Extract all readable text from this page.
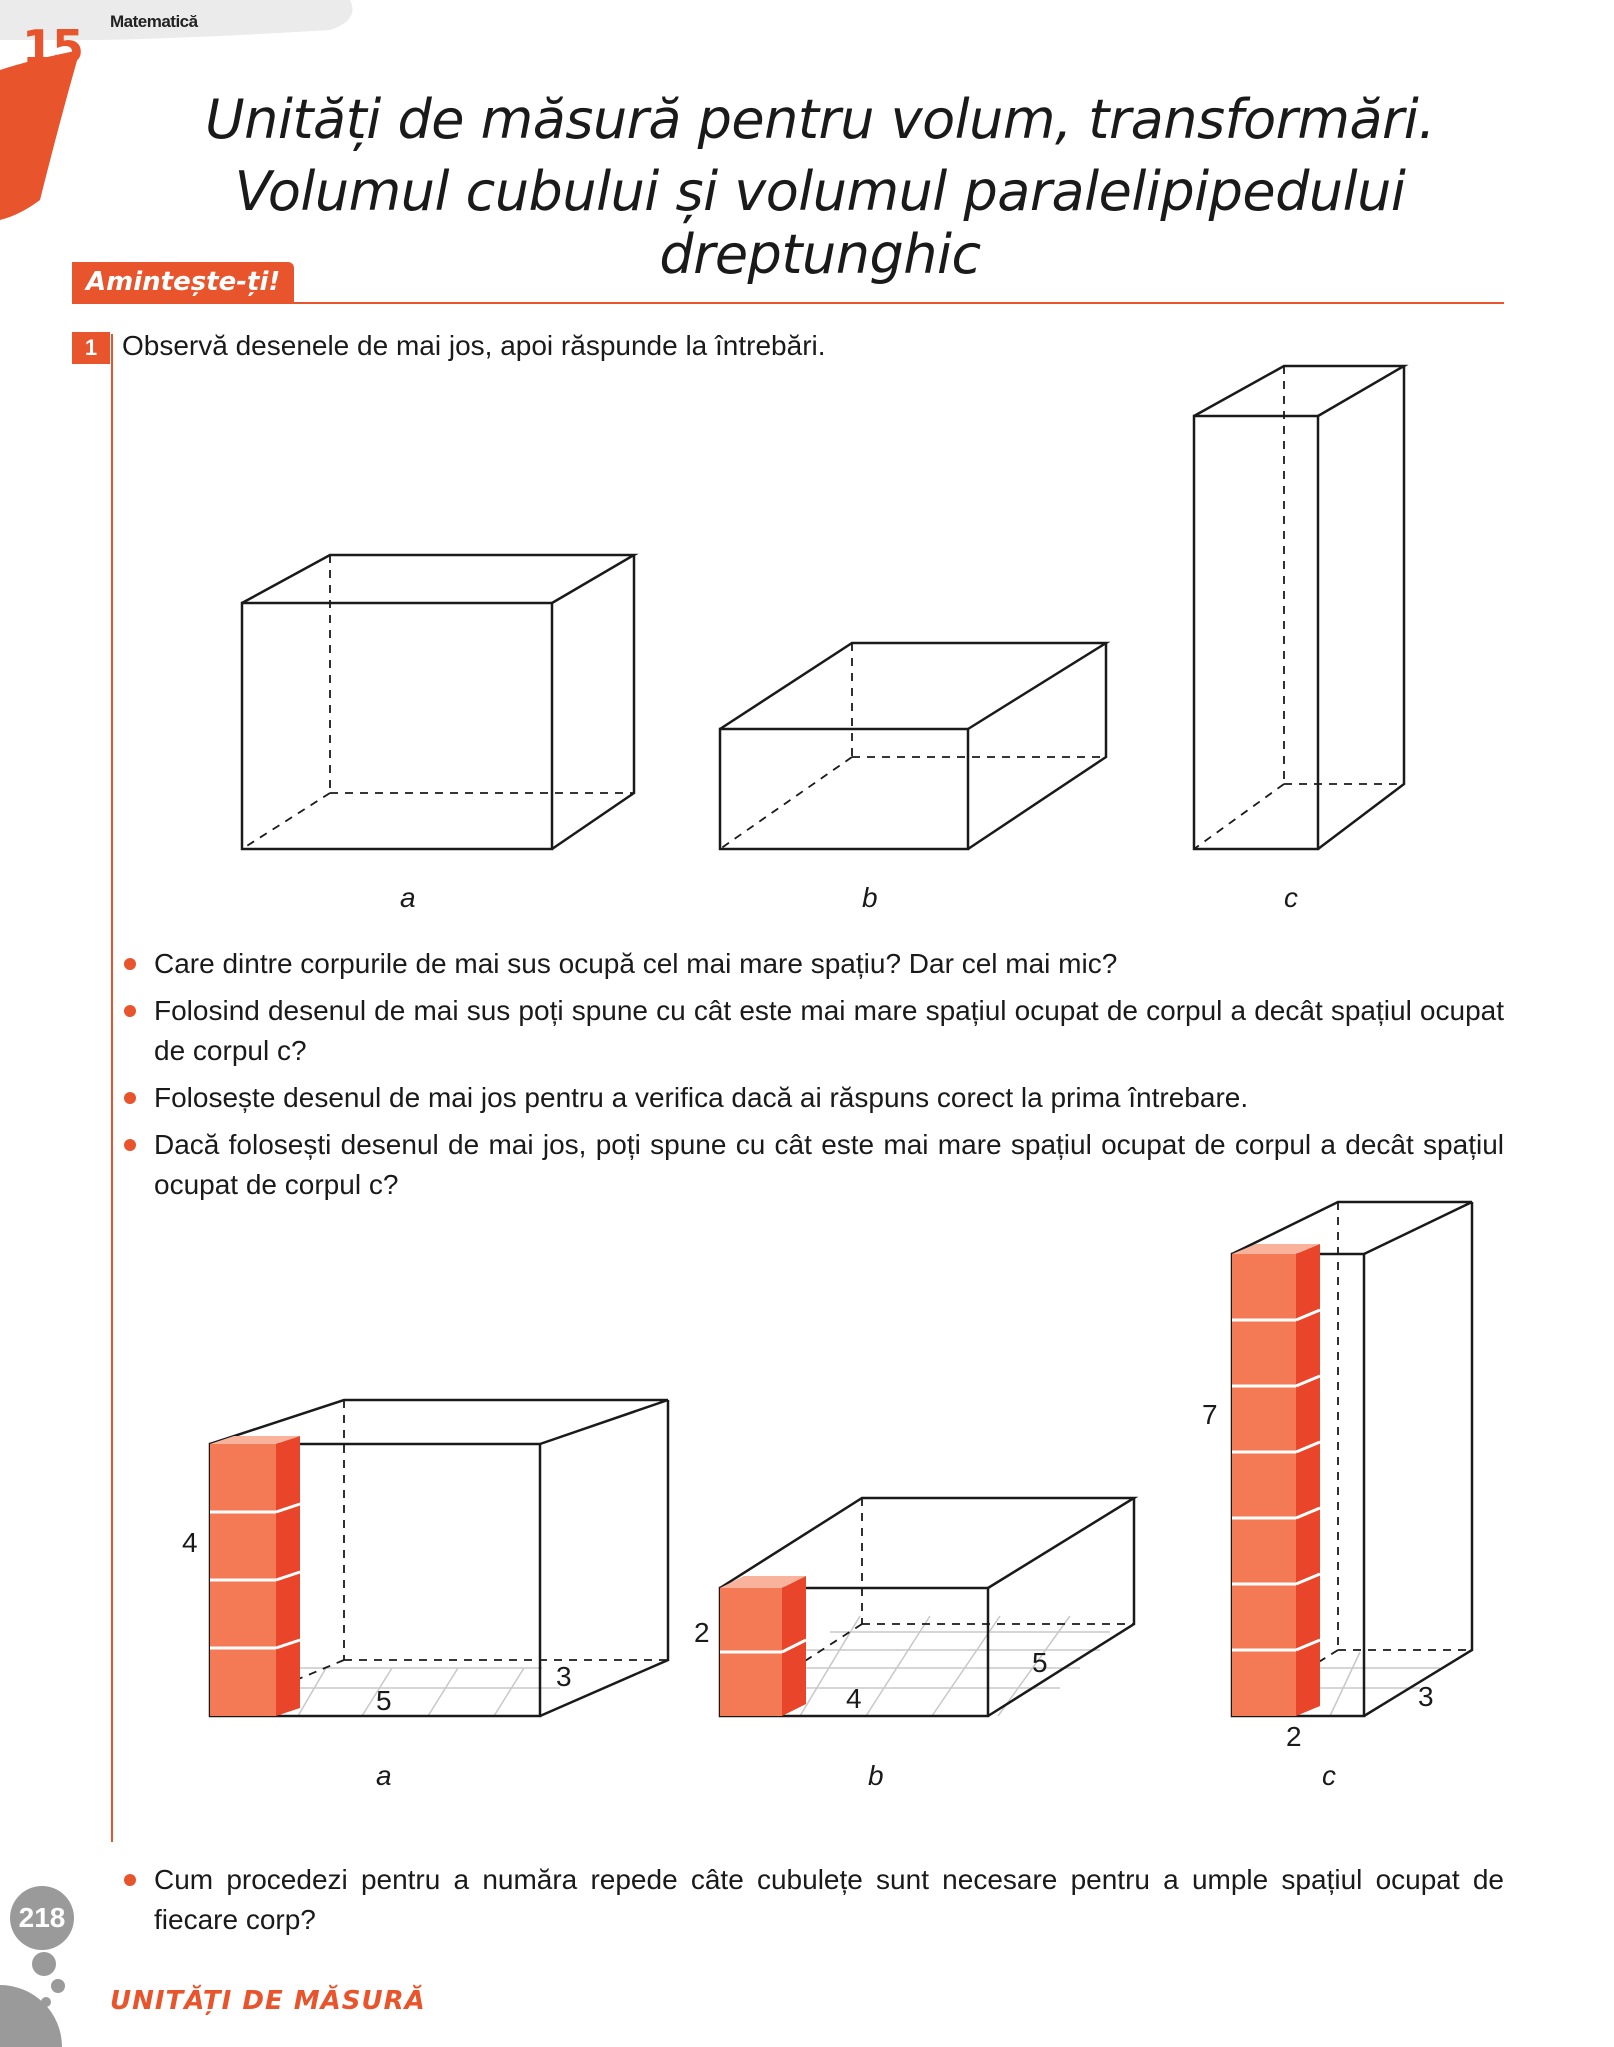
Matematică
15
Unități de măsură pentru volum, transformări.
Volumul cubului și volumul paralelipipedului dreptunghic
Amintește-ți!
1 Observă desenele de mai jos, apoi răspunde la întrebări.
a	b	c
Care dintre corpurile de mai sus ocupă cel mai mare spațiu? Dar cel mai mic?
Folosind desenul de mai sus poți spune cu cât este mai mare spațiul ocupat de corpul a decât spațiul ocupat de corpul c?
Folosește desenul de mai jos pentru a verifica dacă ai răspuns corect la prima întrebare.
Dacă folosești desenul de mai jos, poți spune cu cât este mai mare spațiul ocupat de corpul a decât spațiul ocupat de corpul c?
4
5
3
2
4
5
7
2
3
a	b	c
Cum procedezi pentru a număra repede câte cubulețe sunt necesare pentru a umple spațiul ocupat de fiecare corp?
218
UNITĂȚI DE MĂSURĂ
